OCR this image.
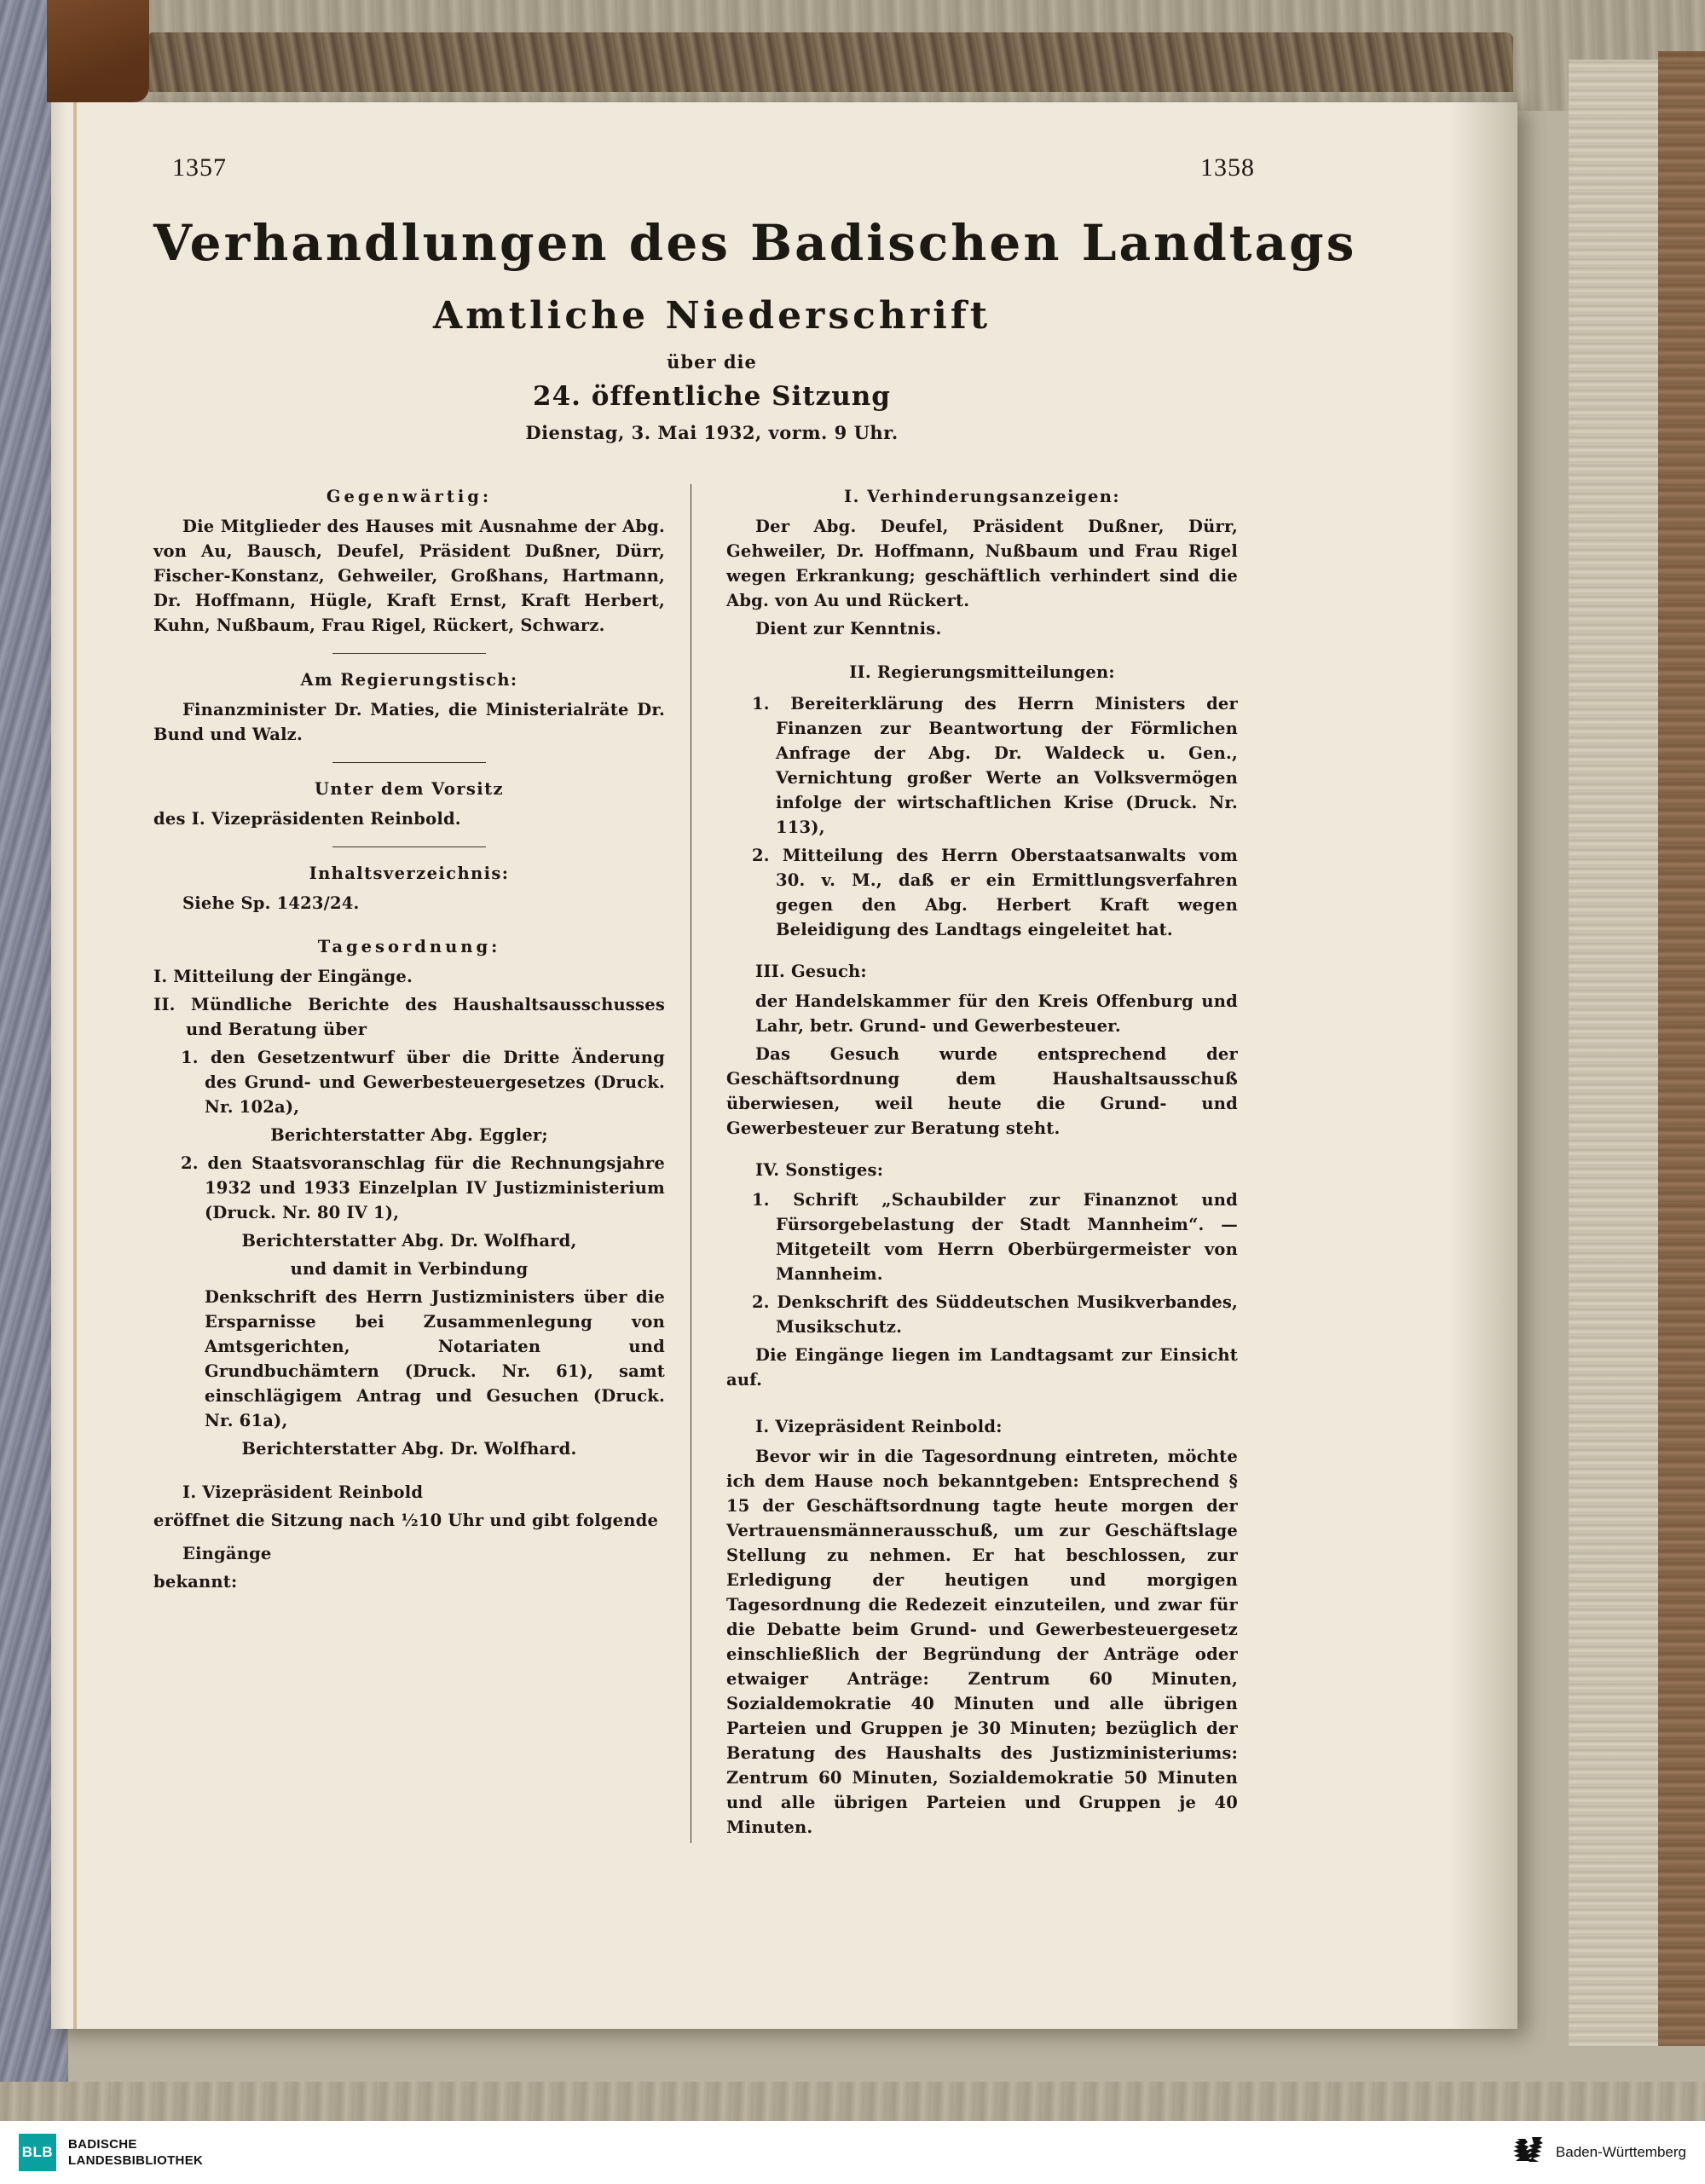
1357	1358
Verhandlungen des Badischen Landtags
Amtliche Niederschrift
über die
24. öffentliche Sitzung
Dienstag, 3. Mai 1932, vorm. 9 Uhr.
Gegenwärtig:

Die Mitglieder des Hauses mit Ausnahme der Abg. von Au, Bausch, Deufel, Präsident Dußner, Dürr, Fischer-Konstanz, Gehweiler, Großhans, Hartmann, Dr. Hoffmann, Hügle, Kraft Ernst, Kraft Herbert, Kuhn, Nußbaum, Frau Rigel, Rückert, Schwarz.

Am Regierungstisch:

Finanzminister Dr. Maties, die Ministerialräte Dr. Bund und Walz.

Unter dem Vorsitz

des I. Vizepräsidenten Reinbold.

Inhaltsverzeichnis:

Siehe Sp. 1423/24.

Tagesordnung:

I. Mitteilung der Eingänge.

II. Mündliche Berichte des Haushaltsausschusses und Beratung über

1. den Gesetzentwurf über die Dritte Änderung des Grund- und Gewerbesteuergesetzes (Druck. Nr. 102a),

Berichterstatter Abg. Eggler;

2. den Staatsvoranschlag für die Rechnungsjahre 1932 und 1933 Einzelplan IV Justizministerium (Druck. Nr. 80 IV 1),

Berichterstatter Abg. Dr. Wolfhard,

und damit in Verbindung

Denkschrift des Herrn Justizministers über die Ersparnisse bei Zusammenlegung von Amtsgerichten, Notariaten und Grundbuchämtern (Druck. Nr. 61), samt einschlägigem Antrag und Gesuchen (Druck. Nr. 61a),

Berichterstatter Abg. Dr. Wolfhard.

I. Vizepräsident Reinbold

eröffnet die Sitzung nach ½10 Uhr und gibt folgende

Eingänge

bekannt:

I. Verhinderungsanzeigen:

Der Abg. Deufel, Präsident Dußner, Dürr, Gehweiler, Dr. Hoffmann, Nußbaum und Frau Rigel wegen Erkrankung; geschäftlich verhindert sind die Abg. von Au und Rückert.

Dient zur Kenntnis.

II. Regierungsmitteilungen:

1. Bereiterklärung des Herrn Ministers der Finanzen zur Beantwortung der Förmlichen Anfrage der Abg. Dr. Waldeck u. Gen., Vernichtung großer Werte an Volksvermögen infolge der wirtschaftlichen Krise (Druck. Nr. 113),

2. Mitteilung des Herrn Oberstaatsanwalts vom 30. v. M., daß er ein Ermittlungsverfahren gegen den Abg. Herbert Kraft wegen Beleidigung des Landtags eingeleitet hat.

III. Gesuch:

der Handelskammer für den Kreis Offenburg und Lahr, betr. Grund- und Gewerbesteuer.

Das Gesuch wurde entsprechend der Geschäftsordnung dem Haushaltsausschuß überwiesen, weil heute die Grund- und Gewerbesteuer zur Beratung steht.

IV. Sonstiges:

1. Schrift „Schaubilder zur Finanznot und Fürsorgebelastung der Stadt Mannheim“. — Mitgeteilt vom Herrn Oberbürgermeister von Mannheim.

2. Denkschrift des Süddeutschen Musikverbandes, Musikschutz.

Die Eingänge liegen im Landtagsamt zur Einsicht auf.

I. Vizepräsident Reinbold:

Bevor wir in die Tagesordnung eintreten, möchte ich dem Hause noch bekanntgeben: Entsprechend § 15 der Geschäftsordnung tagte heute morgen der Vertrauensmännerausschuß, um zur Geschäftslage Stellung zu nehmen. Er hat beschlossen, zur Erledigung der heutigen und morgigen Tagesordnung die Redezeit einzuteilen, und zwar für die Debatte beim Grund- und Gewerbesteuergesetz einschließlich der Begründung der Anträge oder etwaiger Anträge: Zentrum 60 Minuten, Sozialdemokratie 40 Minuten und alle übrigen Parteien und Gruppen je 30 Minuten; bezüglich der Beratung des Haushalts des Justizministeriums: Zentrum 60 Minuten, Sozialdemokratie 50 Minuten und alle übrigen Parteien und Gruppen je 40 Minuten.

BLB BADISCHE
LANDESBIBLIOTHEK
Baden-Württemberg
